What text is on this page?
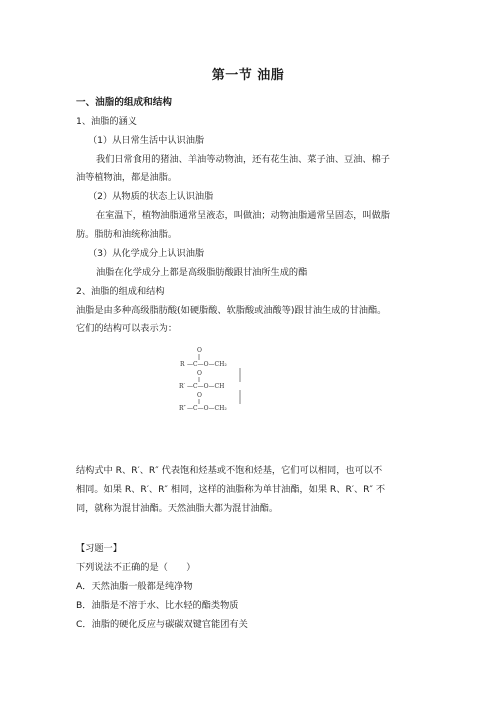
第一节 油脂
一、油脂的组成和结构
1、油脂的涵义
（1）从日常生活中认识油脂
我们日常食用的猪油、羊油等动物油，还有花生油、菜子油、豆油、棉子
油等植物油，都是油脂。
（2）从物质的状态上认识油脂
在室温下，植物油脂通常呈液态，叫做油；动物油脂通常呈固态，叫做脂
肪。脂肪和油统称油脂。
（3）从化学成分上认识油脂
油脂在化学成分上都是高级脂肪酸跟甘油所生成的酯
2、油脂的组成和结构
油脂是由多种高级脂肪酸(如硬脂酸、软脂酸或油酸等)跟甘油生成的甘油酯。
它们的结构可以表示为：
O
R —C—O—CH₂
O
R′ —C—O—CH
O
R″ —C—O—CH₂
结构式中 R、R′、R″ 代表饱和烃基或不饱和烃基，它们可以相同，也可以不
相同。如果 R、R′、R″ 相同，这样的油脂称为单甘油酯，如果 R、R′、R″ 不
同，就称为混甘油酯。天然油脂大都为混甘油酯。
【习题一】
下列说法不正确的是（　　）
A．天然油脂一般都是纯净物
B．油脂是不溶于水、比水轻的酯类物质
C．油脂的硬化反应与碳碳双键官能团有关
